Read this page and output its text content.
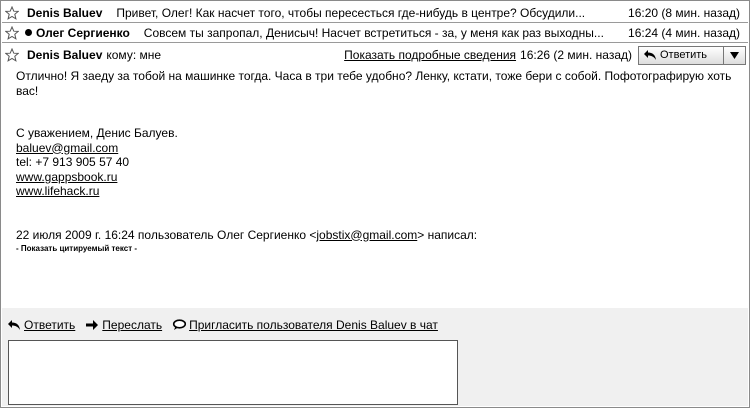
Denis Baluev Привет, Олег! Как насчет того, чтобы пересесться где-нибудь в центре? Обсудили...	16:20 (8 мин. назад)
Олег Сергиенко Совсем ты запропал, Денисыч! Насчет встретиться - за, у меня как раз выходны...	16:24 (4 мин. назад)
Denis Baluev кому: мне	Показать подробные сведения 16:26 (2 мин. назад)	Ответить

Отлично! Я заеду за тобой на машинке тогда. Часа в три тебе удобно? Ленку, кстати, тоже бери с собой. Пофотографирую хоть вас!

С уважением, Денис Балуев.

baluev@gmail.com

tel: +7 913 905 57 40

www.gappsbook.ru

www.lifehack.ru

22 июля 2009 г. 16:24 пользователь Олег Сергиенко <jobstix@gmail.com> написал:

- Показать цитируемый текст -

Ответить Переслать Пригласить пользователя Denis Baluev в чат
